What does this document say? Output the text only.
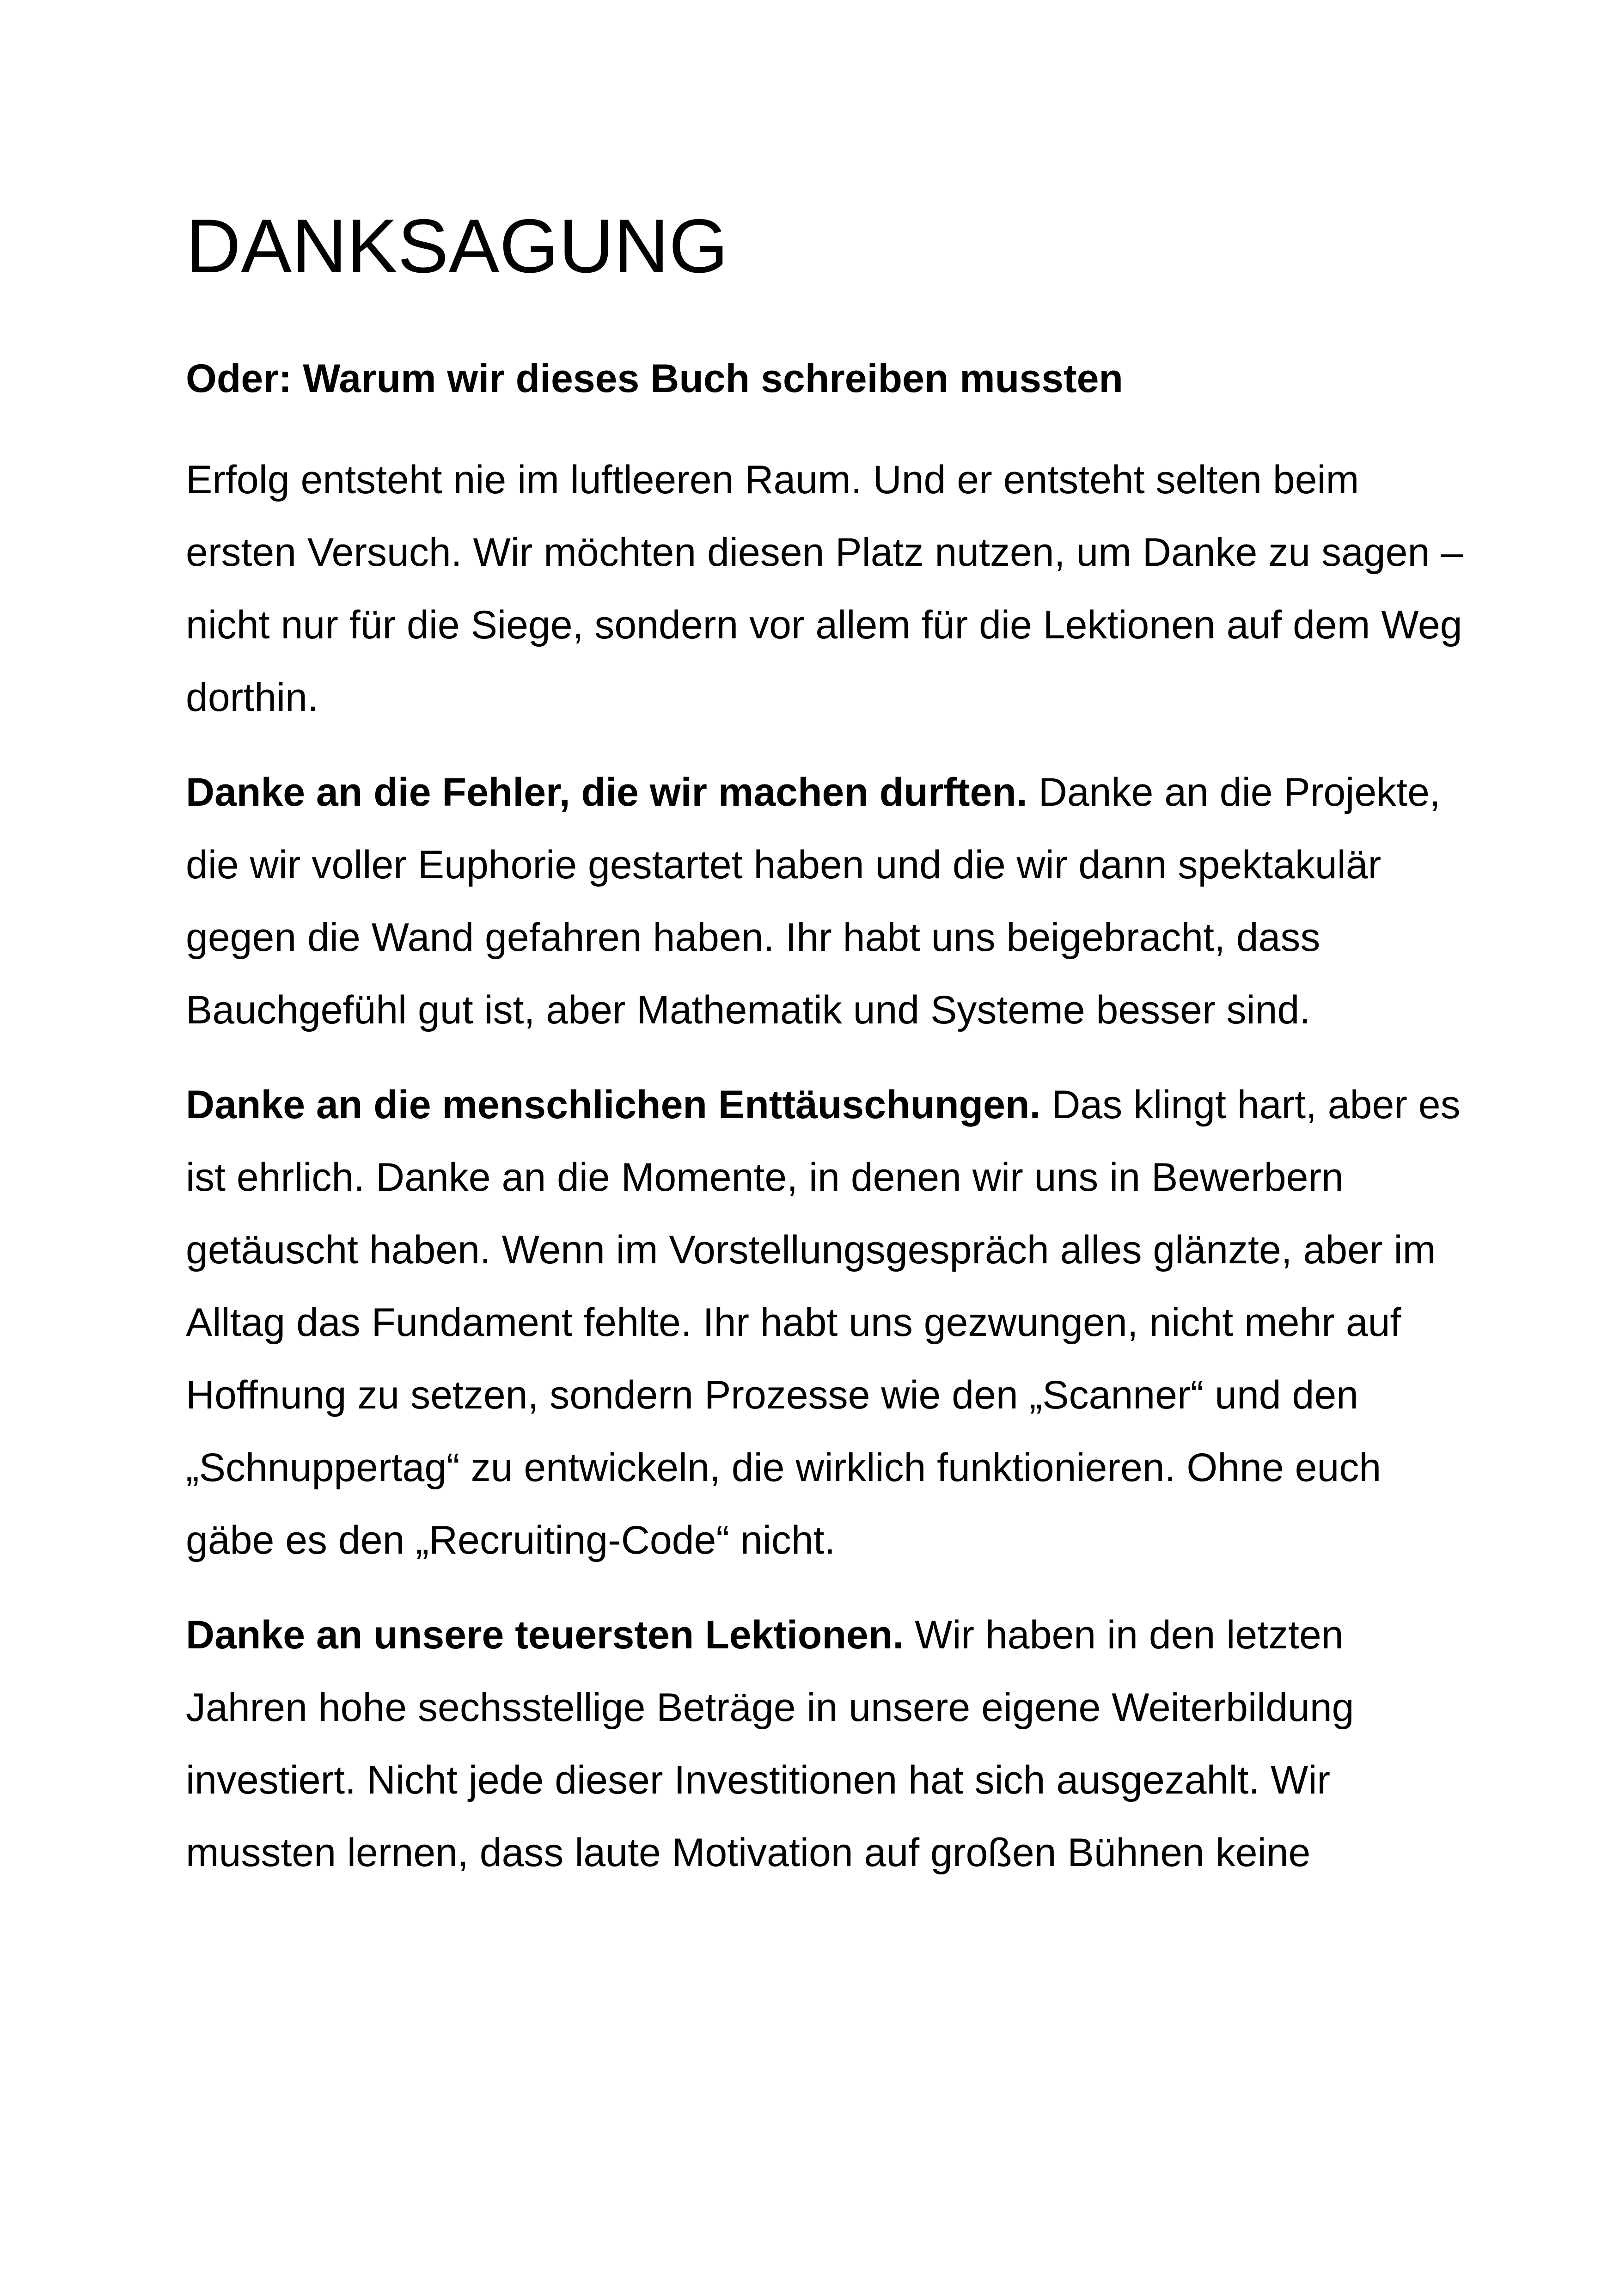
DANKSAGUNG
Oder: Warum wir dieses Buch schreiben mussten

Erfolg entsteht nie im luftleeren Raum. Und er entsteht selten beim ersten Versuch. Wir möchten diesen Platz nutzen, um Danke zu sagen – nicht nur für die Siege, sondern vor allem für die Lektionen auf dem Weg dorthin.

Danke an die Fehler, die wir machen durften. Danke an die Projekte, die wir voller Euphorie gestartet haben und die wir dann spektakulär gegen die Wand gefahren haben. Ihr habt uns beigebracht, dass Bauchgefühl gut ist, aber Mathematik und Systeme besser sind.

Danke an die menschlichen Enttäuschungen. Das klingt hart, aber es ist ehrlich. Danke an die Momente, in denen wir uns in Bewerbern getäuscht haben. Wenn im Vorstellungsgespräch alles glänzte, aber im Alltag das Fundament fehlte. Ihr habt uns gezwungen, nicht mehr auf Hoffnung zu setzen, sondern Prozesse wie den „Scanner“ und den „Schnuppertag“ zu entwickeln, die wirklich funktionieren. Ohne euch gäbe es den „Recruiting-Code“ nicht.

Danke an unsere teuersten Lektionen. Wir haben in den letzten Jahren hohe sechsstellige Beträge in unsere eigene Weiterbildung investiert. Nicht jede dieser Investitionen hat sich ausgezahlt. Wir mussten lernen, dass laute Motivation auf großen Bühnen keine
